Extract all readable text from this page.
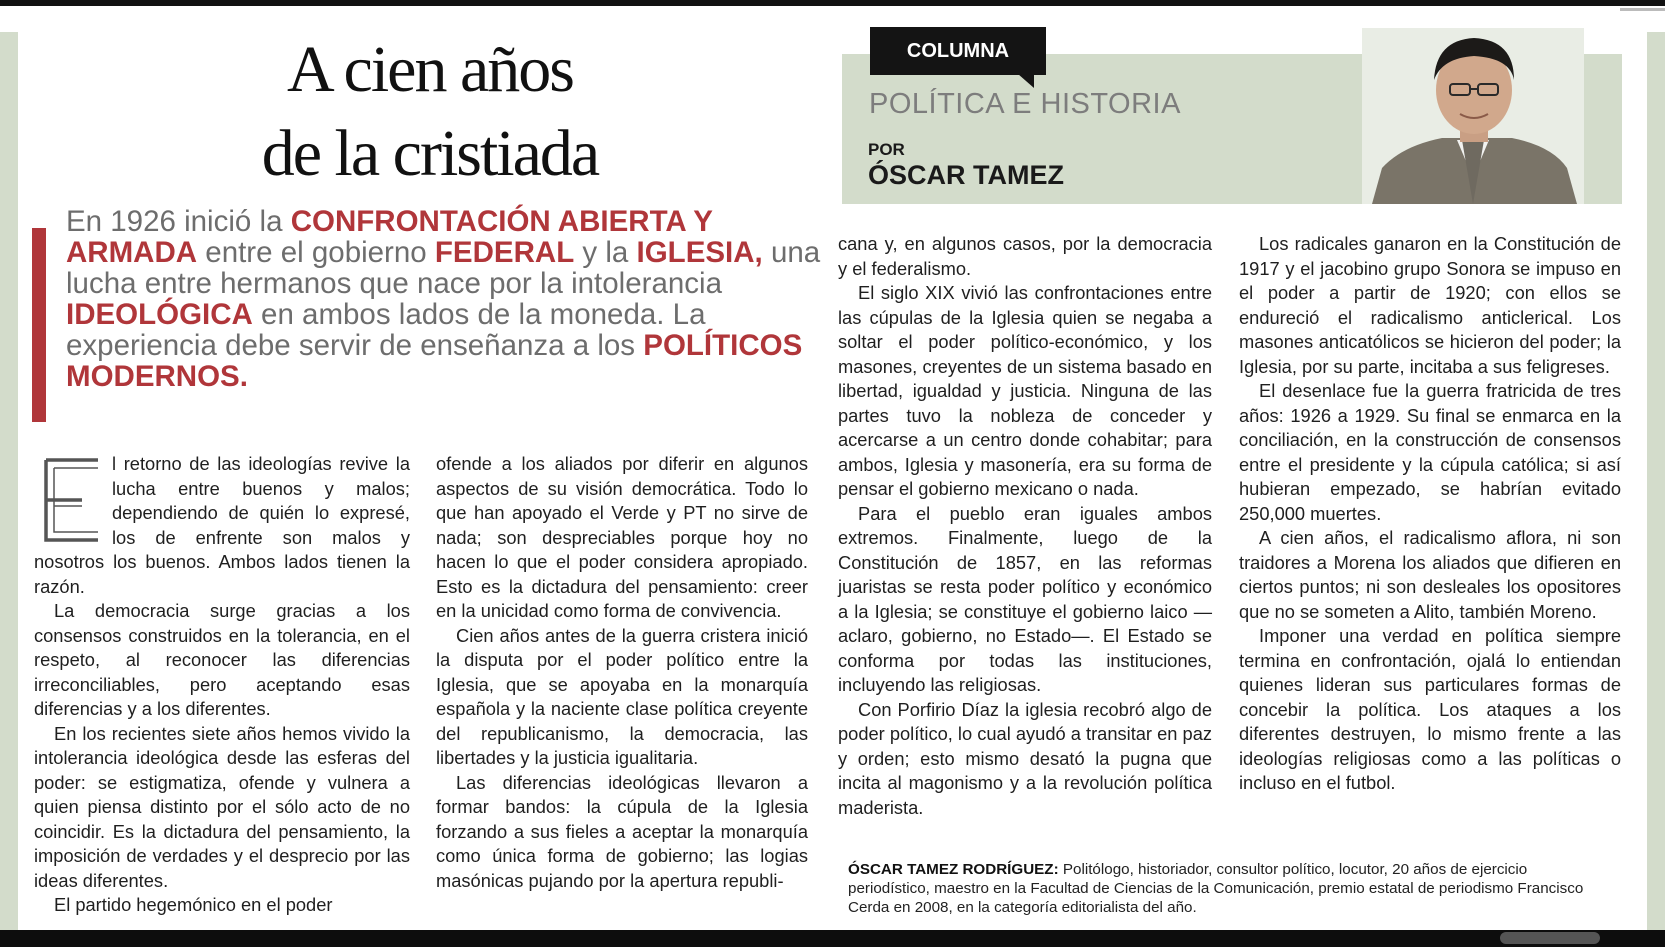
A cien años
de la cristiada
En 1926 inició la CONFRONTACIÓN ABIERTA Y ARMADA entre el gobierno FEDERAL y la IGLESIA, una lucha entre hermanos que nace por la intolerancia IDEOLÓGICA en ambos lados de la moneda. La experiencia debe servir de enseñanza a los POLÍTICOS MODERNOS.
COLUMNA
POLÍTICA E HISTORIA
POR
ÓSCAR TAMEZ

l retorno de las ideologías revive la lucha entre buenos y malos; dependiendo de quién lo expresé, los de enfrente son malos y nosotros los buenos. Ambos lados tienen la razón.

La democracia surge gracias a los consensos construidos en la tolerancia, en el respeto, al reconocer las diferencias irreconciliables, pero aceptando esas diferencias y a los diferentes.

En los recientes siete años hemos vivido la intolerancia ideológica desde las esferas del poder: se estigmatiza, ofende y vulnera a quien piensa distinto por el sólo acto de no coincidir. Es la dictadura del pensamiento, la imposición de verdades y el desprecio por las ideas diferentes.

El partido hegemónico en el poder

ofende a los aliados por diferir en algunos aspectos de su visión democrática. Todo lo que han apoyado el Verde y PT no sirve de nada; son despreciables porque hoy no hacen lo que el poder considera apropiado. Esto es la dictadura del pensamiento: creer en la unicidad como forma de convivencia.

Cien años antes de la guerra cristera inició la disputa por el poder político entre la Iglesia, que se apoyaba en la monarquía española y la naciente clase política creyente del republicanismo, la democracia, las libertades y la justicia igualitaria.

Las diferencias ideológicas llevaron a formar bandos: la cúpula de la Iglesia forzando a sus fieles a aceptar la monarquía como única forma de gobierno; las logias masónicas pujando por la apertura republi-

cana y, en algunos casos, por la democracia y el federalismo.

El siglo XIX vivió las confrontaciones entre las cúpulas de la Iglesia quien se negaba a soltar el poder político-económico, y los masones, creyentes de un sistema basado en libertad, igualdad y justicia. Ninguna de las partes tuvo la nobleza de conceder y acercarse a un centro donde cohabitar; para ambos, Iglesia y masonería, era su forma de pensar el gobierno mexicano o nada.

Para el pueblo eran iguales ambos extremos. Finalmente, luego de la Constitución de 1857, en las reformas juaristas se resta poder político y económico a la Iglesia; se constituye el gobierno laico —aclaro, gobierno, no Estado—. El Estado se conforma por todas las instituciones, incluyendo las religiosas.

Con Porfirio Díaz la iglesia recobró algo de poder político, lo cual ayudó a transitar en paz y orden; esto mismo desató la pugna que incita al magonismo y a la revolución política maderista.

Los radicales ganaron en la Constitución de 1917 y el jacobino grupo Sonora se impuso en el poder a partir de 1920; con ellos se endureció el radicalismo anticlerical. Los masones anticatólicos se hicieron del poder; la Iglesia, por su parte, incitaba a sus feligreses.

El desenlace fue la guerra fratricida de tres años: 1926 a 1929. Su final se enmarca en la conciliación, en la construcción de consensos entre el presidente y la cúpula católica; si así hubieran empezado, se habrían evitado 250,000 muertes.

A cien años, el radicalismo aflora, ni son traidores a Morena los aliados que difieren en ciertos puntos; ni son desleales los opositores que no se someten a Alito, también Moreno.

Imponer una verdad en política siempre termina en confrontación, ojalá lo entiendan quienes lideran sus particulares formas de concebir la política. Los ataques a los diferentes destruyen, lo mismo frente a las ideologías religiosas como a las políticas o incluso en el futbol.

ÓSCAR TAMEZ RODRÍGUEZ: Politólogo, historiador, consultor político, locutor, 20 años de ejercicio periodístico, maestro en la Facultad de Ciencias de la Comunicación, premio estatal de periodismo Francisco Cerda en 2008, en la categoría editorialista del año.
